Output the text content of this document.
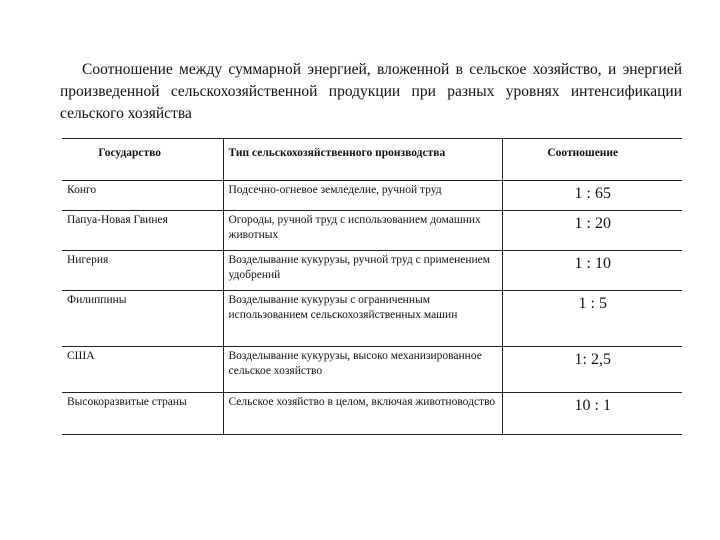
Соотношение между суммарной энергией, вложенной в сельское хозяйство, и энергией произведенной сельскохозяйственной продукции при разных уровнях интенсификации сельского хозяйства

Государство	Тип сельскохозяйственного производства	Соотношение
Конго	Подсечно-огневое земледелие, ручной труд	1 : 65
Папуа-Новая Гвинея	Огороды, ручной труд с использованием домашних животных	1 : 20
Нигерия	Возделывание кукурузы, ручной труд с применением удобрений	1 : 10
Филиппины	Возделывание кукурузы с ограниченным использованием сельскохозяйственных машин	1 : 5
США	Возделывание кукурузы, высоко механизированное сельское хозяйство	1: 2,5
Высокоразвитые страны	Сельское хозяйство в целом, включая животноводство	10 : 1
